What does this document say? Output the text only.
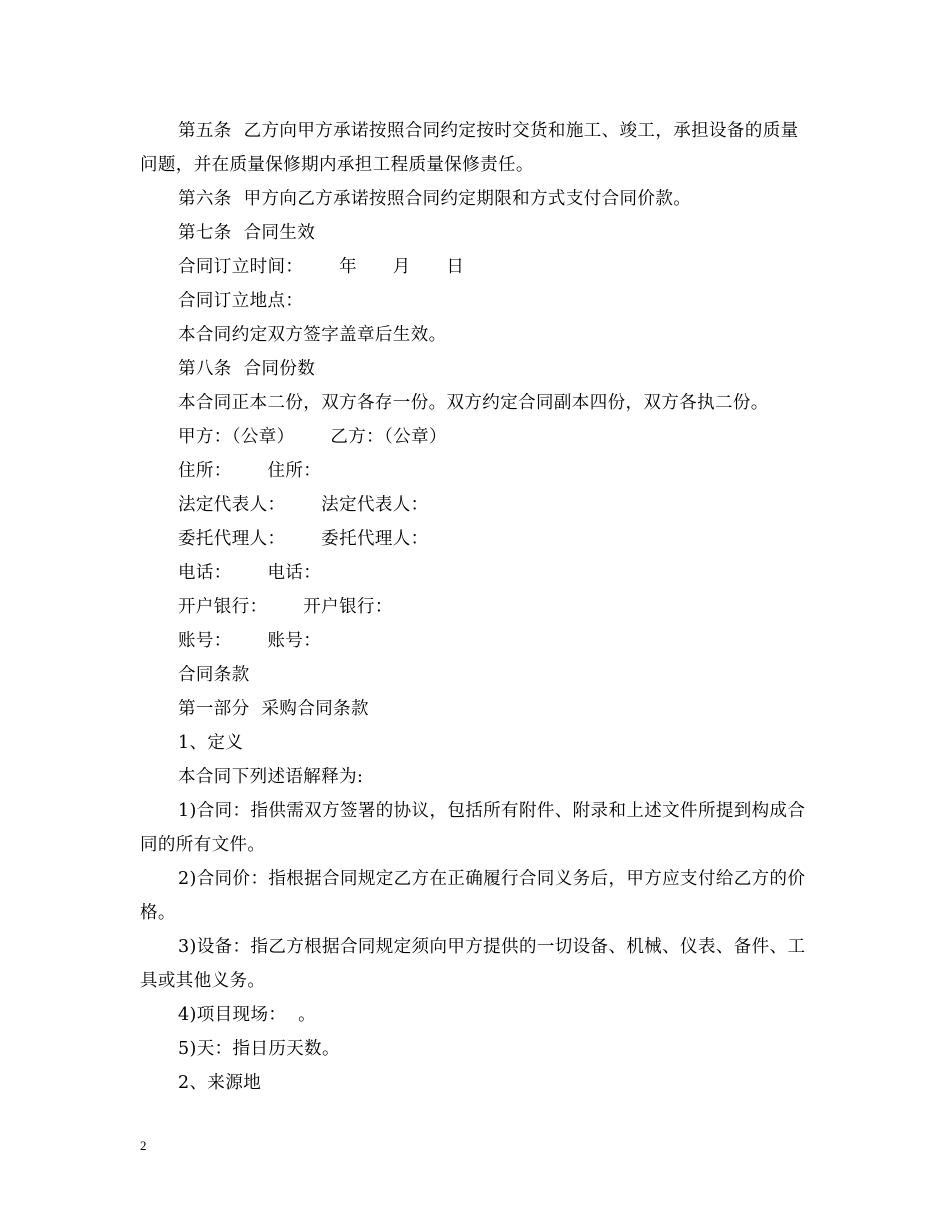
第五条  乙方向甲方承诺按照合同约定按时交货和施工、竣工，承担设备的质量问题，并在质量保修期内承担工程质量保修责任。

第六条  甲方向乙方承诺按照合同约定期限和方式支付合同价款。

第七条  合同生效

合同订立时间：      年      月      日

合同订立地点：

本合同约定双方签字盖章后生效。

第八条  合同份数

本合同正本二份，双方各存一份。双方约定合同副本四份，双方各执二份。

甲方：（公章）      乙方：（公章）

住所：      住所：

法定代表人：      法定代表人：

委托代理人：      委托代理人：

电话：      电话：

开户银行：      开户银行：

账号：      账号：

合同条款

第一部分  采购合同条款

1、定义

本合同下列述语解释为:

1)合同：指供需双方签署的协议，包括所有附件、附录和上述文件所提到构成合同的所有文件。

2)合同价：指根据合同规定乙方在正确履行合同义务后，甲方应支付给乙方的价格。

3)设备：指乙方根据合同规定须向甲方提供的一切设备、机械、仪表、备件、工具或其他义务。

4)项目现场：  。

5)天：指日历天数。

2、来源地

2
